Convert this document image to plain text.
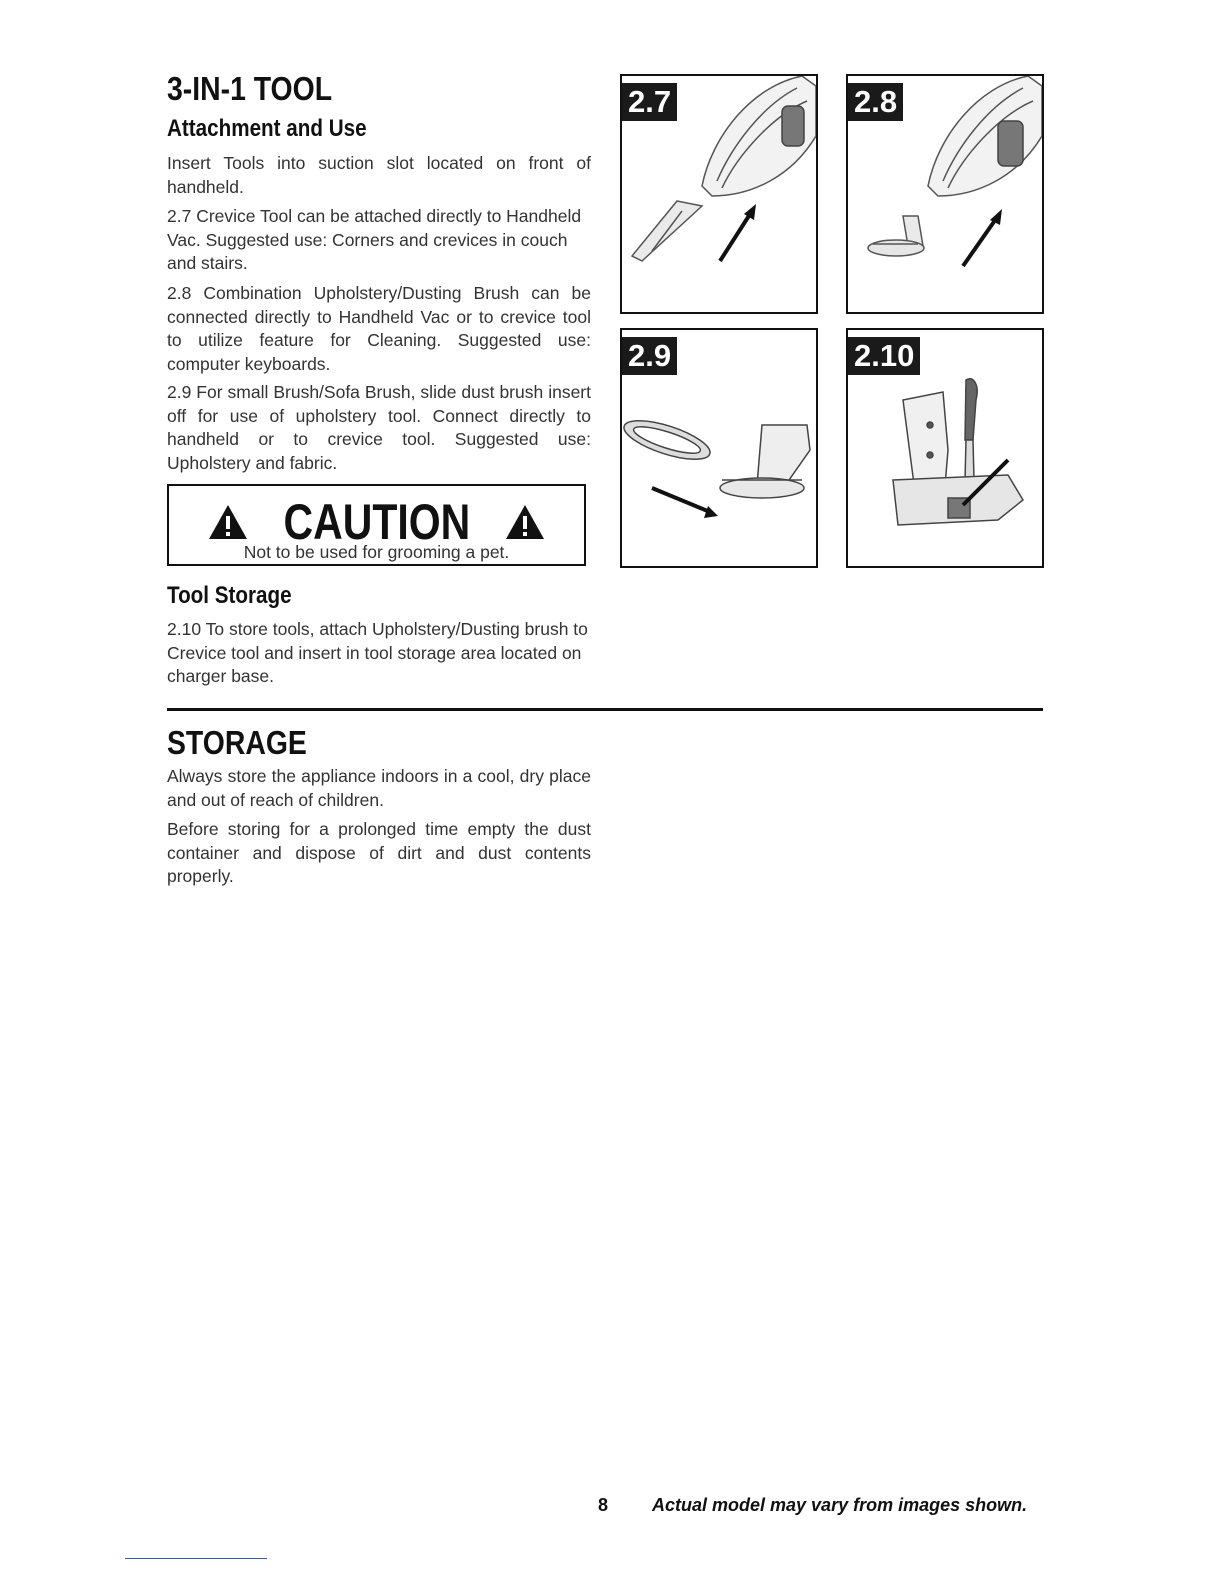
3-IN-1 TOOL
Attachment and Use
Insert Tools into suction slot located on front of handheld.
2.7 Crevice Tool can be attached directly to Handheld Vac. Suggested use: Corners and crevices in couch and stairs.
2.8 Combination Upholstery/Dusting Brush can be connected directly to Handheld Vac or to crevice tool to utilize feature for Cleaning. Suggested use: computer keyboards.
2.9 For small Brush/Sofa Brush, slide dust brush insert off for use of upholstery tool. Connect directly to handheld or to crevice tool. Suggested use: Upholstery and fabric.
CAUTION
Not to be used for grooming a pet.
Tool Storage
2.10 To store tools, attach Upholstery/Dusting brush to Crevice tool and insert in tool storage area located on charger base.
2.7	2.8
2.9	2.10
STORAGE
Always store the appliance indoors in a cool, dry place and out of reach of children.
Before storing for a prolonged time empty the dust container and dispose of dirt and dust contents properly.
8 Actual model may vary from images shown.
